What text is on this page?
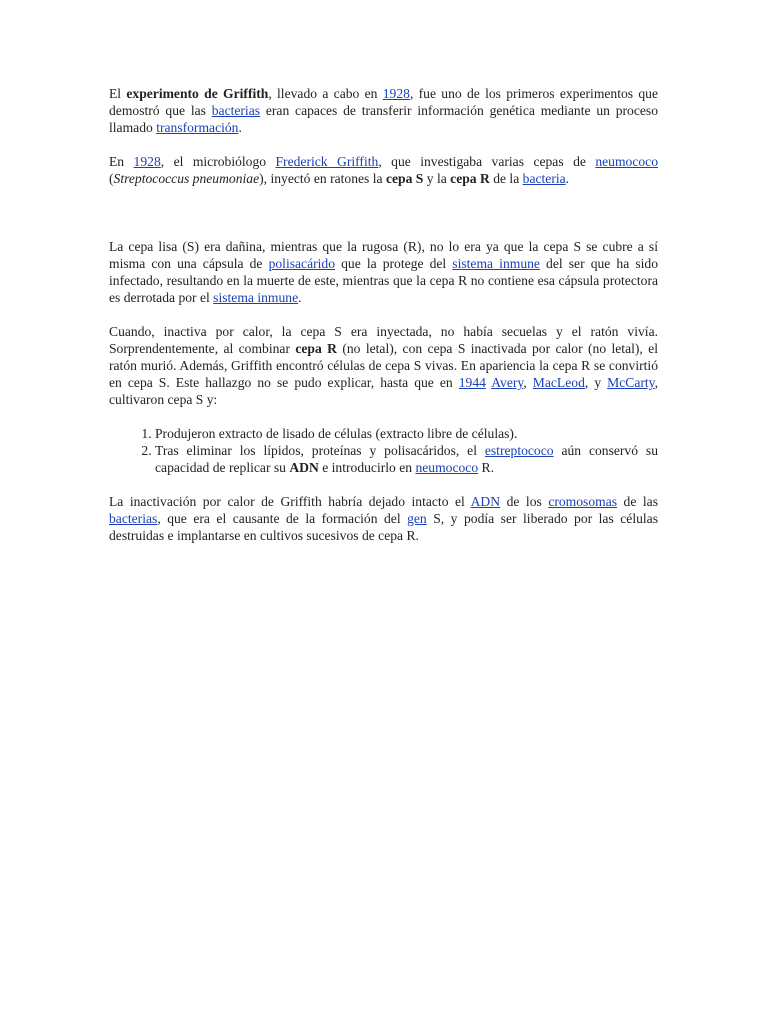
El experimento de Griffith, llevado a cabo en 1928, fue uno de los primeros experimentos que demostró que las bacterias eran capaces de transferir información genética mediante un proceso llamado transformación.

En 1928, el microbiólogo Frederick Griffith, que investigaba varias cepas de neumococo (Streptococcus pneumoniae), inyectó en ratones la cepa S y la cepa R de la bacteria.

La cepa lisa (S) era dañina, mientras que la rugosa (R), no lo era ya que la cepa S se cubre a sí misma con una cápsula de polisacárido que la protege del sistema inmune del ser que ha sido infectado, resultando en la muerte de este, mientras que la cepa R no contiene esa cápsula protectora es derrotada por el sistema inmune.

Cuando, inactiva por calor, la cepa S era inyectada, no había secuelas y el ratón vivía. Sorprendentemente, al combinar cepa R (no letal), con cepa S inactivada por calor (no letal), el ratón murió. Además, Griffith encontró células de cepa S vivas. En apariencia la cepa R se convirtió en cepa S. Este hallazgo no se pudo explicar, hasta que en 1944 Avery, MacLeod, y McCarty, cultivaron cepa S y:

1. Produjeron extracto de lisado de células (extracto libre de células).
2. Tras eliminar los lípidos, proteínas y polisacáridos, el estreptococo aún conservó su capacidad de replicar su ADN e introducirlo en neumococo R.

La inactivación por calor de Griffith habría dejado intacto el ADN de los cromosomas de las bacterias, que era el causante de la formación del gen S, y podía ser liberado por las células destruidas e implantarse en cultivos sucesivos de cepa R.
